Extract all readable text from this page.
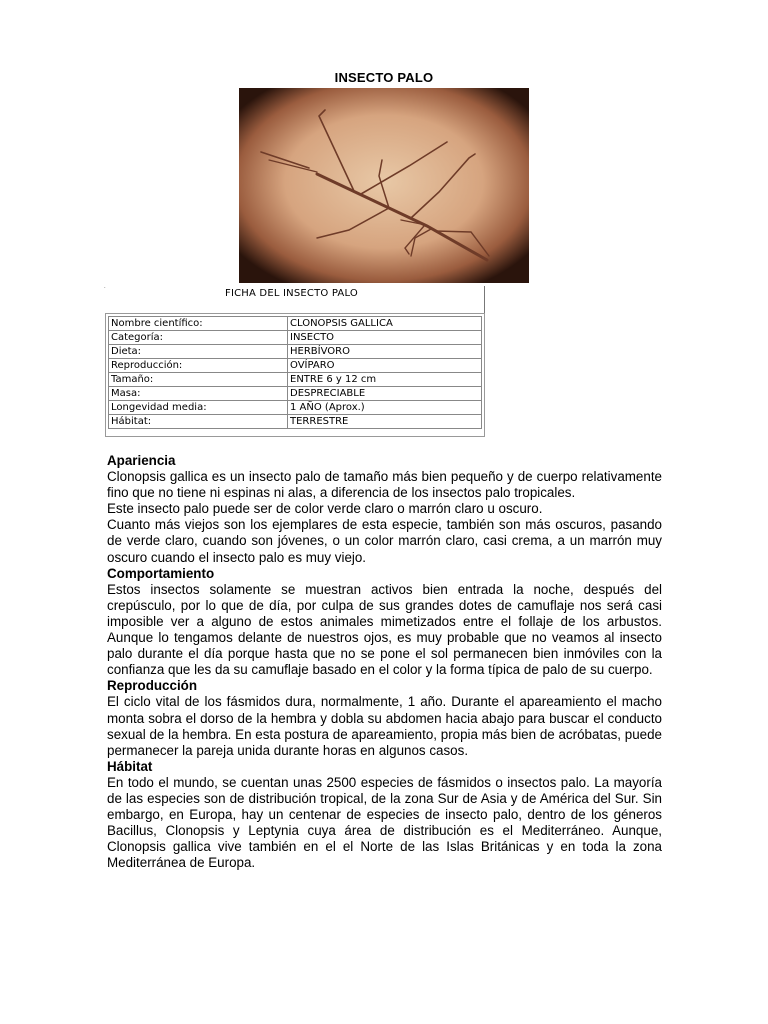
INSECTO PALO
.
FICHA DEL INSECTO PALO
Nombre científico:	CLONOPSIS GALLICA
Categoría:	INSECTO
Dieta:	HERBÍVORO
Reproducción:	OVÍPARO
Tamaño:	ENTRE 6 y 12 cm
Masa:	DESPRECIABLE
Longevidad media:	1 AÑO (Aprox.)
Hábitat:	TERRESTRE
Apariencia

Clonopsis gallica es un insecto palo de tamaño más bien pequeño y de cuerpo relativamente fino que no tiene ni espinas ni alas, a diferencia de los insectos palo tropicales.

Este insecto palo puede ser de color verde claro o marrón claro u oscuro.

Cuanto más viejos son los ejemplares de esta especie, también son más oscuros, pasando de verde claro, cuando son jóvenes, o un color marrón claro, casi crema, a un marrón muy oscuro cuando el insecto palo es muy viejo.

Comportamiento

Estos insectos solamente se muestran activos bien entrada la noche, después del crepúsculo, por lo que de día, por culpa de sus grandes dotes de camuflaje nos será casi imposible ver a alguno de estos animales mimetizados entre el follaje de los arbustos. Aunque lo tengamos delante de nuestros ojos, es muy probable que no veamos al insecto palo durante el día porque hasta que no se pone el sol permanecen bien inmóviles con la confianza que les da su camuflaje basado en el color y la forma típica de palo de su cuerpo.

Reproducción

El ciclo vital de los fásmidos dura, normalmente, 1 año. Durante el apareamiento el macho monta sobra el dorso de la hembra y dobla su abdomen hacia abajo para buscar el conducto sexual de la hembra. En esta postura de apareamiento, propia más bien de acróbatas, puede permanecer la pareja unida durante horas en algunos casos.

Hábitat

En todo el mundo, se cuentan unas 2500 especies de fásmidos o insectos palo. La mayoría de las especies son de distribución tropical, de la zona Sur de Asia y de América del Sur. Sin embargo, en Europa, hay un centenar de especies de insecto palo, dentro de los géneros Bacillus, Clonopsis y Leptynia cuya área de distribución es el Mediterráneo. Aunque, Clonopsis gallica vive también en el el Norte de las Islas Británicas y en toda la zona Mediterránea de Europa.
